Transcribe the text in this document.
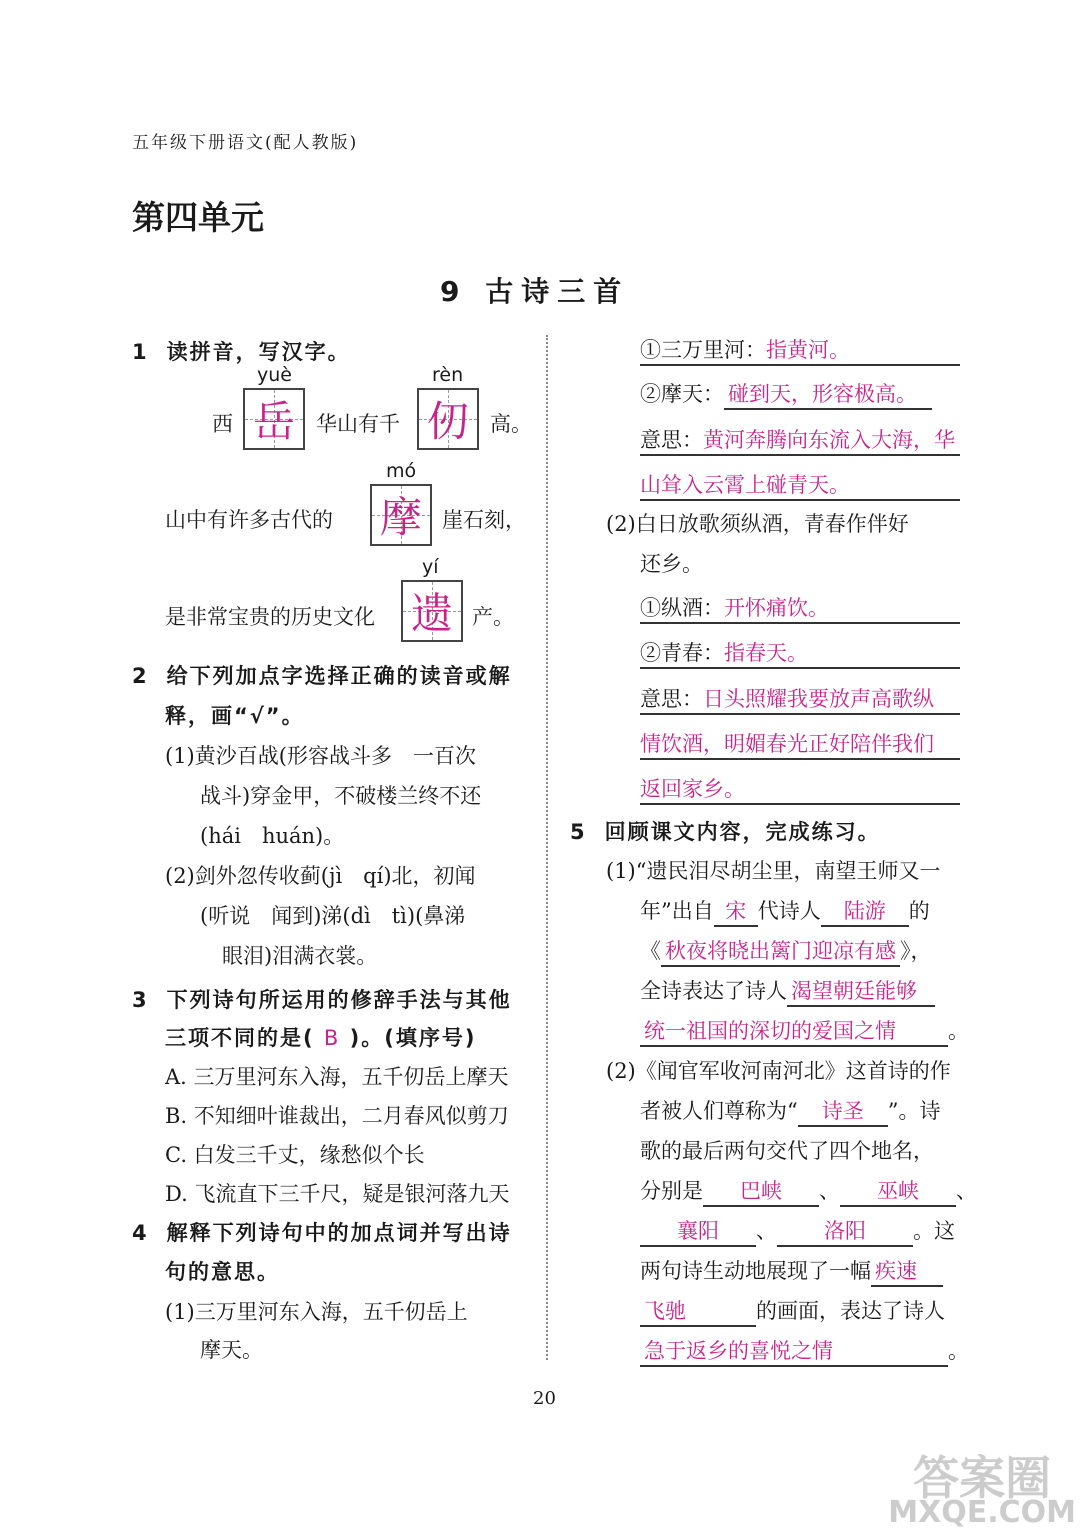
五年级下册语文(配人教版)
第四单元
9 古诗三首
1 读拼音，写汉字。
yuè
岳
rèn
仞
西	华山有千	高。
mó
摩
山中有许多古代的	崖石刻，
yí
遗
是非常宝贵的历史文化	产。
2 给下列加点字选择正确的读音或解
释，画“√”。
(1)黄沙百战(形容战斗多　一百次
战斗)穿金甲，不破楼兰终不还
(hái　huán)。
(2)剑外忽传收蓟(jì　qí)北，初闻
(听说　闻到)涕(dì　tì)(鼻涕
眼泪)泪满衣裳。
3 下列诗句所运用的修辞手法与其他
三项不同的是( B )。(填序号)
A. 三万里河东入海，五千仞岳上摩天
B. 不知细叶谁裁出，二月春风似剪刀
C. 白发三千丈，缘愁似个长
D. 飞流直下三千尺，疑是银河落九天
4 解释下列诗句中的加点词并写出诗
句的意思。
(1)三万里河东入海，五千仞岳上
摩天。
①三万里河：指黄河。
②摩天： 碰到天，形容极高。
意思：黄河奔腾向东流入大海，华
山耸入云霄上碰青天。
(2)白日放歌须纵酒，青春作伴好
还乡。
①纵酒：开怀痛饮。
②青春：指春天。
意思：日头照耀我要放声高歌纵
情饮酒，明媚春光正好陪伴我们
返回家乡。
5 回顾课文内容，完成练习。
(1)“遗民泪尽胡尘里，南望王师又一
年”出自 宋 代诗人 陆游 的
《 秋夜将晓出篱门迎凉有感 》，
全诗表达了诗人 渴望朝廷能够
统一祖国的深切的爱国之情 。
(2)《闻官军收河南河北》这首诗的作
者被人们尊称为“ 诗圣 ”。诗
歌的最后两句交代了四个地名，
分别是 巴峡 、 巫峡 、
襄阳 、 洛阳 。这
两句诗生动地展现了一幅 疾速
飞驰	的画面，表达了诗人
急于返乡的喜悦之情	。
20
答案圈
MXQE.COM
